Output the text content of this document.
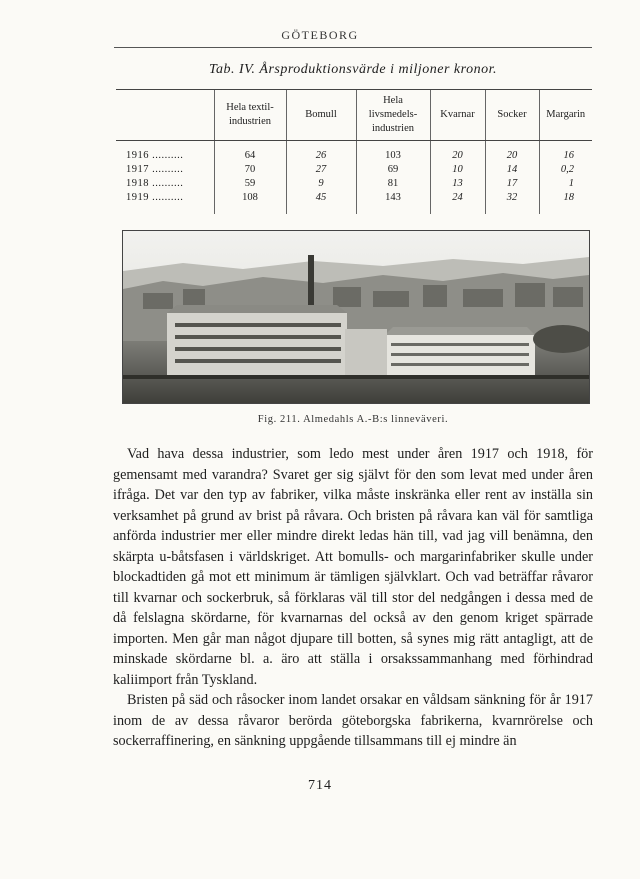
GÖTEBORG
Tab. IV. Årsproduktionsvärde i miljoner kronor.
	Hela textil-industrien	Bomull	Hela livsmedels-industrien	Kvarnar	Socker	Margarin
1916 ..........	64	26	103	20	20	16
1917 ..........	70	27	69	10	14	0,2
1918 ..........	59	9	81	13	17	1
1919 ..........	108	45	143	24	32	18

Fig. 211. Almedahls A.-B:s linneväveri.

Vad hava dessa industrier, som ledo mest under åren 1917 och 1918, för gemensamt med varandra? Svaret ger sig självt för den som levat med under åren ifråga. Det var den typ av fabriker, vilka måste inskränka eller rent av inställa sin verksamhet på grund av brist på råvara. Och bristen på råvara kan väl för samtliga anförda industrier mer eller mindre direkt ledas hän till, vad jag vill benämna, den skärpta u-båtsfasen i världskriget. Att bomulls- och margarinfabriker skulle under blockadtiden gå mot ett minimum är tämligen självklart. Och vad beträffar råvaror till kvarnar och sockerbruk, så förklaras väl till stor del nedgången i dessa med de då felslagna skördarne, för kvarnarnas del också av den genom kriget spärrade importen. Men går man något djupare till botten, så synes mig rätt antagligt, att de minskade skördarne bl. a. äro att ställa i orsakssammanhang med förhindrad kaliimport från Tyskland.

Bristen på säd och råsocker inom landet orsakar en våldsam sänkning för år 1917 inom de av dessa råvaror berörda göteborgska fabrikerna, kvarnrörelse och sockerraffinering, en sänkning uppgående tillsammans till ej mindre än

714
